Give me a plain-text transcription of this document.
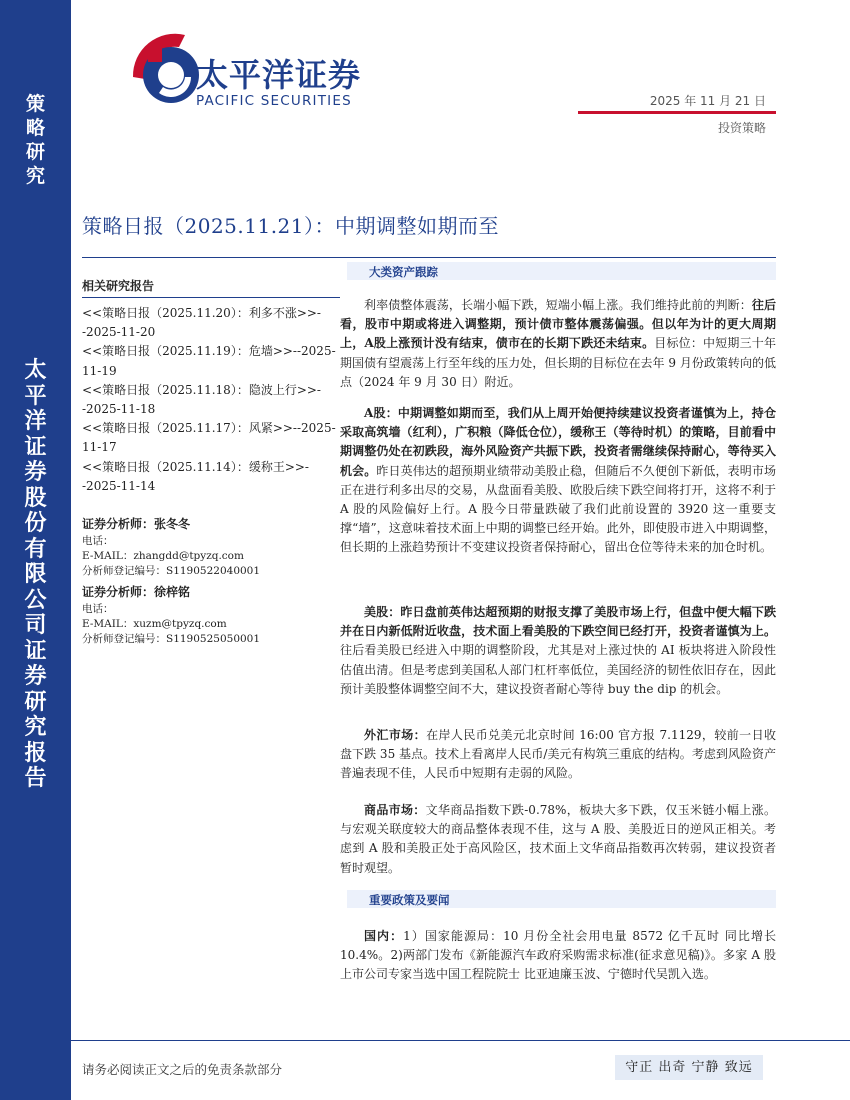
策
略
研
究
太
平
洋
证
券
股
份
有
限
公
司
证
券
研
究
报
告
太平洋证券
PACIFIC SECURITIES	2025 年 11 月 21 日
投资策略
策略日报（2025.11.21）：中期调整如期而至
相关研究报告
<<策略日报（2025.11.20）：利多不涨>>--2025-11-20
<<策略日报（2025.11.19）：危墙>>--2025-11-19
<<策略日报（2025.11.18）：隐波上行>>--2025-11-18
<<策略日报（2025.11.17）：风紧>>--2025-11-17
<<策略日报（2025.11.14）：缓称王>>--2025-11-14
证券分析师：张冬冬
电话：
E-MAIL：zhangdd@tpyzq.com
分析师登记编号：S1190522040001
证券分析师：徐梓铭
电话：
E-MAIL：xuzm@tpyzq.com
分析师登记编号：S1190525050001
大类资产跟踪
利率债整体震荡，长端小幅下跌，短端小幅上涨。我们维持此前的判断：往后看，股市中期或将进入调整期，预计债市整体震荡偏强。但以年为计的更大周期上，A股上涨预计没有结束，债市在的长期下跌还未结束。目标位：中短期三十年期国债有望震荡上行至年线的压力处，但长期的目标位在去年 9 月份政策转向的低点（2024 年 9 月 30 日）附近。
A股：中期调整如期而至，我们从上周开始便持续建议投资者谨慎为上，持仓采取高筑墙（红利），广积粮（降低仓位），缓称王（等待时机）的策略，目前看中期调整仍处在初跌段，海外风险资产共振下跌，投资者需继续保持耐心，等待买入机会。昨日英伟达的超预期业绩带动美股止稳，但随后不久便创下新低，表明市场正在进行利多出尽的交易，从盘面看美股、欧股后续下跌空间将打开，这将不利于 A 股的风险偏好上行。A 股今日带量跌破了我们此前设置的 3920 这一重要支撑“墙”，这意味着技术面上中期的调整已经开始。此外，即使股市进入中期调整，但长期的上涨趋势预计不变建议投资者保持耐心，留出仓位等待未来的加仓时机。
美股：昨日盘前英伟达超预期的财报支撑了美股市场上行，但盘中便大幅下跌并在日内新低附近收盘，技术面上看美股的下跌空间已经打开，投资者谨慎为上。往后看美股已经进入中期的调整阶段，尤其是对上涨过快的 AI 板块将进入阶段性估值出清。但是考虑到美国私人部门杠杆率低位，美国经济的韧性依旧存在，因此预计美股整体调整空间不大，建议投资者耐心等待 buy the dip 的机会。
外汇市场：在岸人民币兑美元北京时间 16:00 官方报 7.1129，较前一日收盘下跌 35 基点。技术上看离岸人民币/美元有构筑三重底的结构。考虑到风险资产普遍表现不佳，人民币中短期有走弱的风险。
商品市场：文华商品指数下跌-0.78%，板块大多下跌，仅玉米链小幅上涨。与宏观关联度较大的商品整体表现不佳，这与 A 股、美股近日的逆风正相关。考虑到 A 股和美股正处于高风险区，技术面上文华商品指数再次转弱，建议投资者暂时观望。
重要政策及要闻
国内：1）国家能源局：10 月份全社会用电量 8572 亿千瓦时 同比增长 10.4%。2)两部门发布《新能源汽车政府采购需求标准(征求意见稿)》。多家 A 股上市公司专家当选中国工程院院士 比亚迪廉玉波、宁德时代吴凯入选。
请务必阅读正文之后的免责条款部分	守正 出奇 宁静 致远
